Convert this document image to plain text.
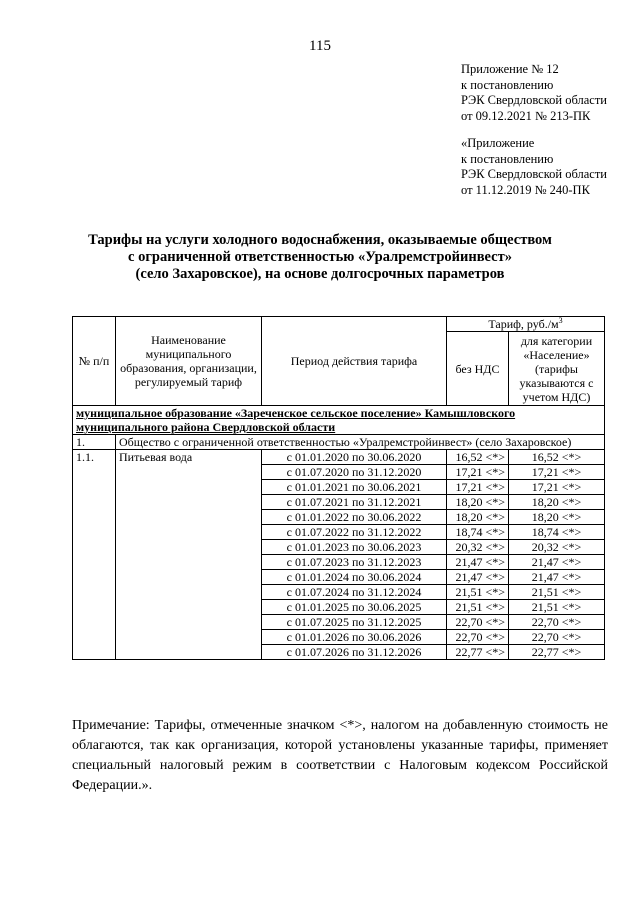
115
Приложение № 12
к постановлению
РЭК Свердловской области
от 09.12.2021 № 213-ПК
«Приложение
к постановлению
РЭК Свердловской области
от 11.12.2019 № 240-ПК
Тарифы на услуги холодного водоснабжения, оказываемые обществом
с ограниченной ответственностью «Уралремстройинвест»
(село Захаровское), на основе долгосрочных параметров
№ п/п	Наименование муниципального образования, организации, регулируемый тариф	Период действия тарифа	Тариф, $руб./м^3$
			без НДС	для категории «Население» (тарифы указываются с учетом НДС)
муниципальное образование «Зареченское сельское поселение» Камышловского муниципального района Свердловской области				
1.	Общество с ограниченной ответственностью «Уралремстройинвест» (село Захаровское)			
1.1.	Питьевая вода	с 01.01.2020 по 30.06.2020	16,52 <*>	16,52 <*>
		с 01.07.2020 по 31.12.2020	17,21 <*>	17,21 <*>
		с 01.01.2021 по 30.06.2021	17,21 <*>	17,21 <*>
		с 01.07.2021 по 31.12.2021	18,20 <*>	18,20 <*>
		с 01.01.2022 по 30.06.2022	18,20 <*>	18,20 <*>
		с 01.07.2022 по 31.12.2022	18,74 <*>	18,74 <*>
		с 01.01.2023 по 30.06.2023	20,32 <*>	20,32 <*>
		с 01.07.2023 по 31.12.2023	21,47 <*>	21,47 <*>
		с 01.01.2024 по 30.06.2024	21,47 <*>	21,47 <*>
		с 01.07.2024 по 31.12.2024	21,51 <*>	21,51 <*>
		с 01.01.2025 по 30.06.2025	21,51 <*>	21,51 <*>
		с 01.07.2025 по 31.12.2025	22,70 <*>	22,70 <*>
		с 01.01.2026 по 30.06.2026	22,70 <*>	22,70 <*>
		с 01.07.2026 по 31.12.2026	22,77 <*>	22,77 <*>
Примечание: Тарифы, отмеченные значком <*>, налогом на добавленную стоимость не облагаются, так как организация, которой установлены указанные тарифы, применяет специальный налоговый режим в соответствии с Налоговым кодексом Российской Федерации.».
